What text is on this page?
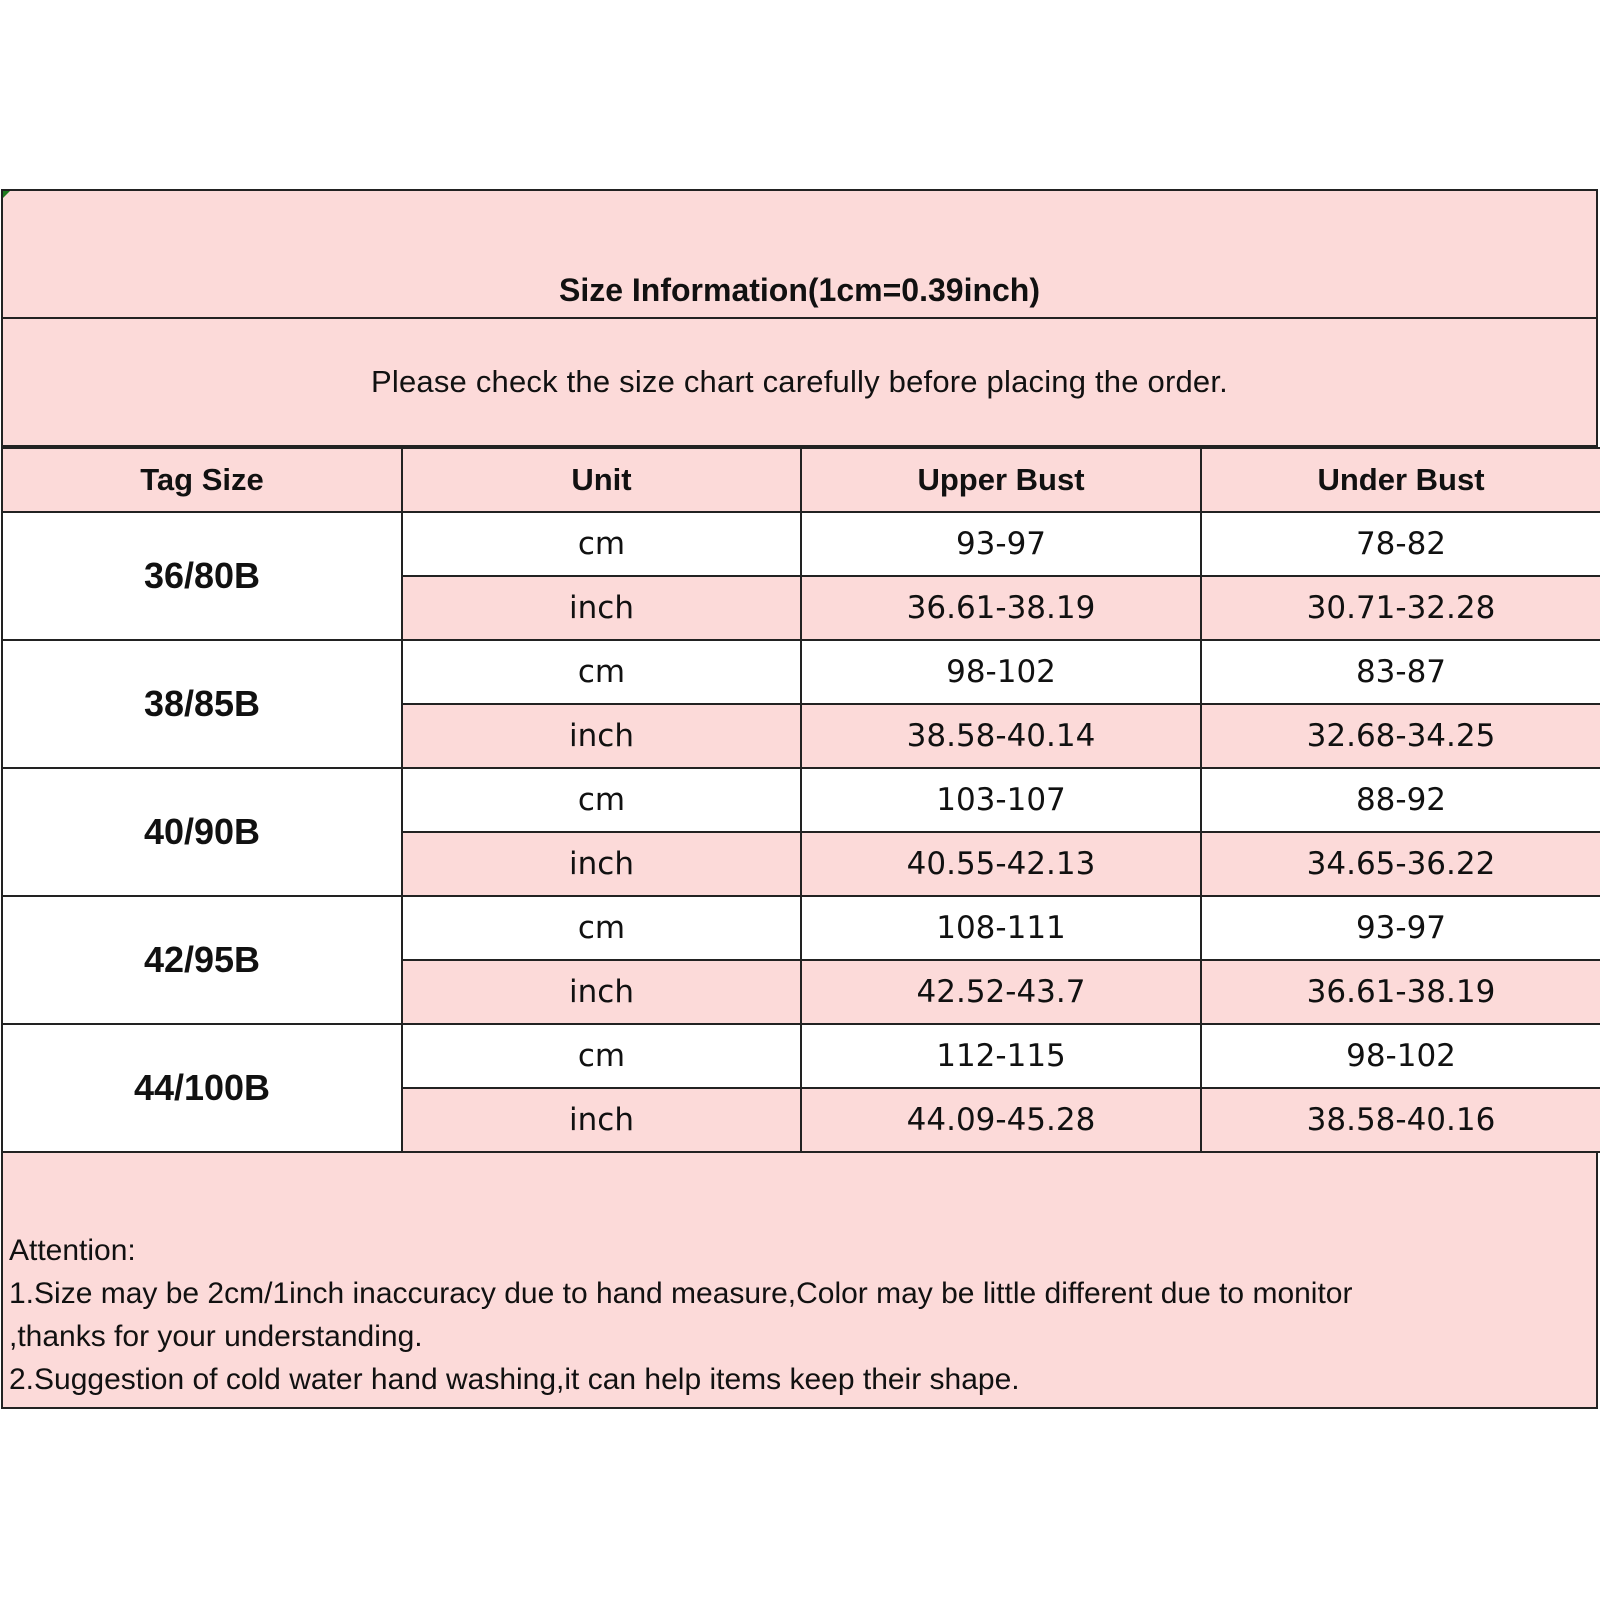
Size Information(1cm=0.39inch)
Please check the size chart carefully before placing the order.
Tag Size	Unit	Upper Bust	Under Bust
36/80B	cm	93-97	78-82
	inch	36.61-38.19	30.71-32.28
38/85B	cm	98-102	83-87
	inch	38.58-40.14	32.68-34.25
40/90B	cm	103-107	88-92
	inch	40.55-42.13	34.65-36.22
42/95B	cm	108-111	93-97
	inch	42.52-43.7	36.61-38.19
44/100B	cm	112-115	98-102
	inch	44.09-45.28	38.58-40.16
Attention:
1.Size may be 2cm/1inch inaccuracy due to hand measure,Color may be little different due to monitor
,thanks for your understanding.
2.Suggestion of cold water hand washing,it can help items keep their shape.
